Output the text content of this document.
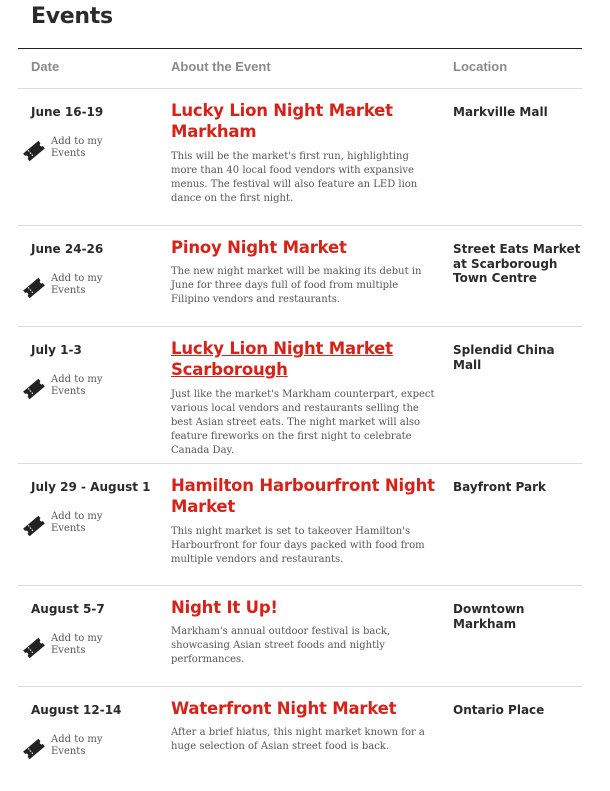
Events
Date	About the Event	Location
June 16-19
Add to my Events
Lucky Lion Night Market Markham
This will be the market's first run, highlighting more than 40 local food vendors with expansive menus. The festival will also feature an LED lion dance on the first night.
Markville Mall
June 24-26
Add to my Events
Pinoy Night Market
The new night market will be making its debut in June for three days full of food from multiple Filipino vendors and restaurants.
Street Eats Market at Scarborough Town Centre
July 1-3
Add to my Events
Lucky Lion Night Market Scarborough
Just like the market's Markham counterpart, expect various local vendors and restaurants selling the best Asian street eats. The night market will also feature fireworks on the first night to celebrate Canada Day.
Splendid China Mall
July 29 - August 1
Add to my Events
Hamilton Harbourfront Night Market
This night market is set to takeover Hamilton's Harbourfront for four days packed with food from multiple vendors and restaurants.
Bayfront Park
August 5-7
Add to my Events
Night It Up!
Markham's annual outdoor festival is back, showcasing Asian street foods and nightly performances.
Downtown Markham
August 12-14
Add to my Events
Waterfront Night Market
After a brief hiatus, this night market known for a huge selection of Asian street food is back.
Ontario Place
